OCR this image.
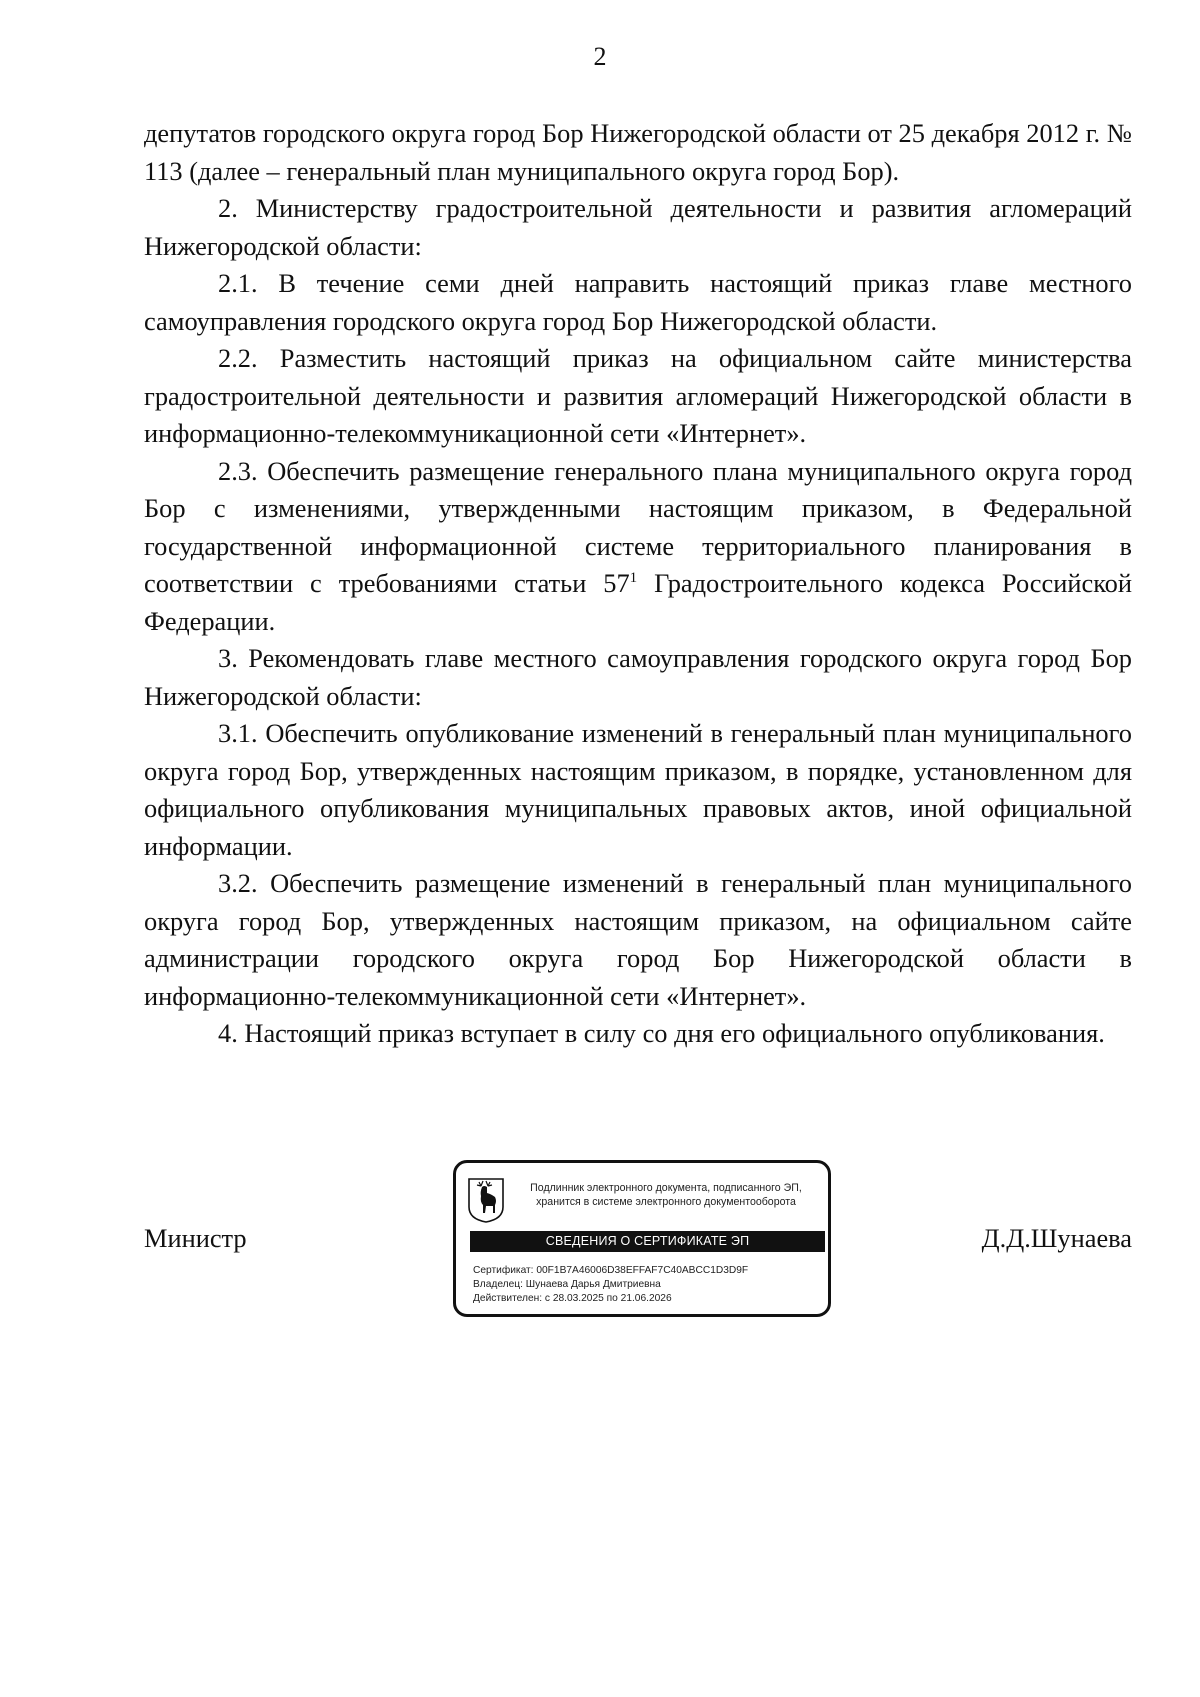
2

депутатов городского округа город Бор Нижегородской области от 25 декабря 2012 г. № 113 (далее – генеральный план муниципального округа город Бор).

2. Министерству градостроительной деятельности и развития агломераций Нижегородской области:

2.1. В течение семи дней направить настоящий приказ главе местного самоуправления городского округа город Бор Нижегородской области.

2.2. Разместить настоящий приказ на официальном сайте министерства градостроительной деятельности и развития агломераций Нижегородской области в информационно-телекоммуникационной сети «Интернет».

2.3. Обеспечить размещение генерального плана муниципального округа город Бор с изменениями, утвержденными настоящим приказом, в Федеральной государственной информационной системе территориального планирования в соответствии с требованиями статьи $57^1$ Градостроительного кодекса Российской Федерации.

3. Рекомендовать главе местного самоуправления городского округа город Бор Нижегородской области:

3.1. Обеспечить опубликование изменений в генеральный план муниципального округа город Бор, утвержденных настоящим приказом, в порядке, установленном для официального опубликования муниципальных правовых актов, иной официальной информации.

3.2. Обеспечить размещение изменений в генеральный план муниципального округа город Бор, утвержденных настоящим приказом, на официальном сайте администрации городского округа город Бор Нижегородской области в информационно-телекоммуникационной сети «Интернет».

4. Настоящий приказ вступает в силу со дня его официального опубликования.

Министр
Подлинник электронного документа, подписанного ЭП,
хранится в системе электронного документооборота
СВЕДЕНИЯ О СЕРТИФИКАТЕ ЭП
Сертификат: 00F1B7A46006D38EFFAF7C40ABCC1D3D9F
Владелец: Шунаева Дарья Дмитриевна
Действителен: с 28.03.2025 по 21.06.2026
Д.Д.Шунаева
